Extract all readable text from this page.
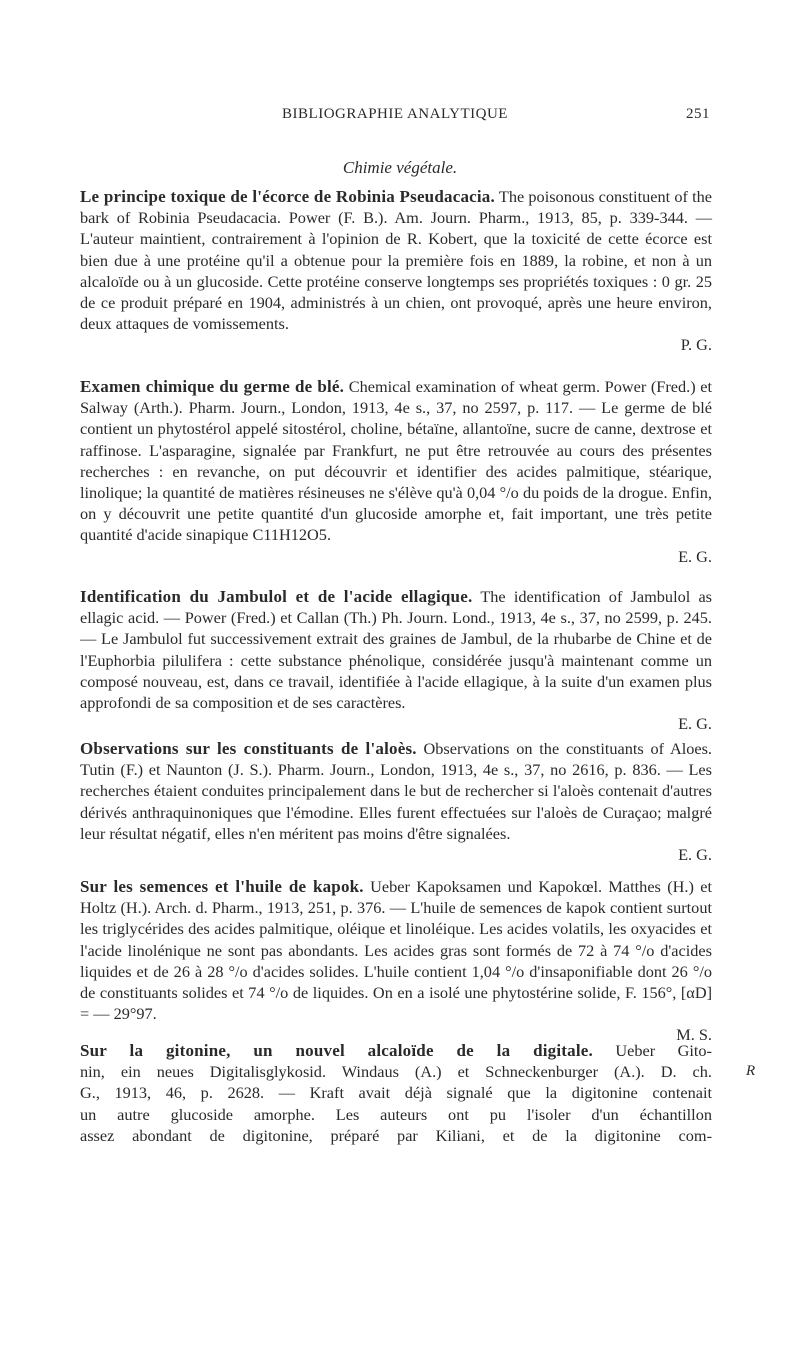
BIBLIOGRAPHIE ANALYTIQUE	251
Chimie végétale.

Le principe toxique de l'écorce de Robinia Pseudacacia. The poisonous constituent of the bark of Robinia Pseudacacia. Power (F. B.). Am. Journ. Pharm., 1913, 85, p. 339-344. — L'auteur maintient, contrairement à l'opinion de R. Kobert, que la toxicité de cette écorce est bien due à une protéine qu'il a obtenue pour la première fois en 1889, la robine, et non à un alcaloïde ou à un glucoside. Cette protéine conserve longtemps ses propriétés toxiques : 0 gr. 25 de ce produit préparé en 1904, administrés à un chien, ont provoqué, après une heure environ, deux attaques de vomissements.

P. G.

Examen chimique du germe de blé. Chemical examination of wheat germ. Power (Fred.) et Salway (Arth.). Pharm. Journ., London, 1913, 4e s., 37, no 2597, p. 117. — Le germe de blé contient un phytostérol appelé sitostérol, choline, bétaïne, allantoïne, sucre de canne, dextrose et raffinose. L'asparagine, signalée par Frankfurt, ne put être retrouvée au cours des présentes recherches : en revanche, on put découvrir et identifier des acides palmitique, stéarique, linolique; la quantité de matières résineuses ne s'élève qu'à 0,04 °/o du poids de la drogue. Enfin, on y découvrit une petite quantité d'un glucoside amorphe et, fait important, une très petite quantité d'acide sinapique C11H12O5.

E. G.

Identification du Jambulol et de l'acide ellagique. The identification of Jambulol as ellagic acid. — Power (Fred.) et Callan (Th.) Ph. Journ. Lond., 1913, 4e s., 37, no 2599, p. 245. — Le Jambulol fut successivement extrait des graines de Jambul, de la rhubarbe de Chine et de l'Euphorbia pilulifera : cette substance phénolique, considérée jusqu'à maintenant comme un composé nouveau, est, dans ce travail, identifiée à l'acide ellagique, à la suite d'un examen plus approfondi de sa composition et de ses caractères.

E. G.

Observations sur les constituants de l'aloès. Observations on the constituants of Aloes. Tutin (F.) et Naunton (J. S.). Pharm. Journ., London, 1913, 4e s., 37, no 2616, p. 836. — Les recherches étaient conduites principalement dans le but de rechercher si l'aloès contenait d'autres dérivés anthraquinoniques que l'émodine. Elles furent effectuées sur l'aloès de Curaçao; malgré leur résultat négatif, elles n'en méritent pas moins d'être signalées.

E. G.

Sur les semences et l'huile de kapok. Ueber Kapoksamen und Kapokœl. Matthes (H.) et Holtz (H.). Arch. d. Pharm., 1913, 251, p. 376. — L'huile de semences de kapok contient surtout les triglycérides des acides palmitique, oléique et linoléique. Les acides volatils, les oxyacides et l'acide linolénique ne sont pas abondants. Les acides gras sont formés de 72 à 74 °/o d'acides liquides et de 26 à 28 °/o d'acides solides. L'huile contient 1,04 °/o d'insaponifiable dont 26 °/o de constituants solides et 74 °/o de liquides. On en a isolé une phytostérine solide, F. 156°, [αD] = — 29°97.

M. S.

Sur la gitonine, un nouvel alcaloïde de la digitale. Ueber Gito-
nin, ein neues Digitalisglykosid. Windaus (A.) et Schneckenburger (A.). D. ch.
G., 1913, 46, p. 2628. — Kraft avait déjà signalé que la digitonine contenait
un autre glucoside amorphe. Les auteurs ont pu l'isoler d'un échantillon
assez abondant de digitonine, préparé par Kiliani, et de la digitonine com-
R
